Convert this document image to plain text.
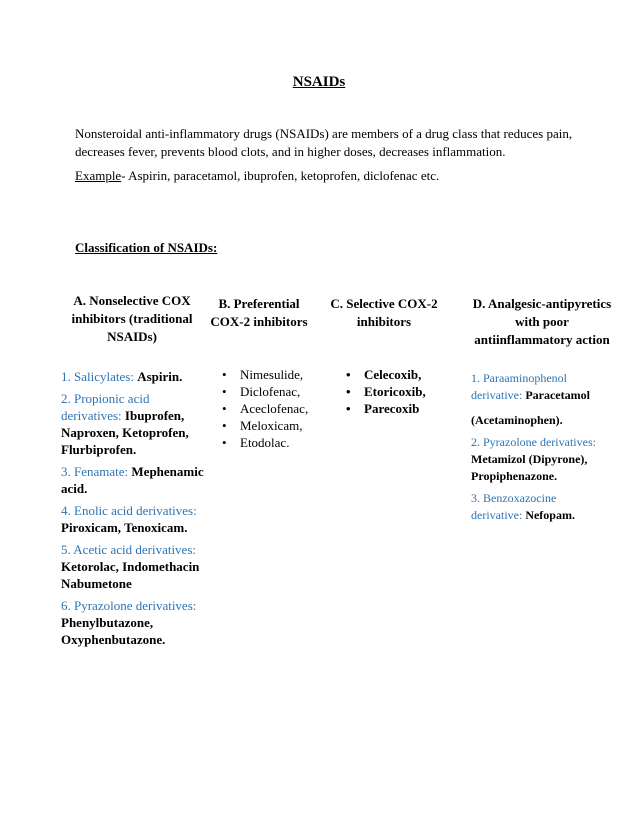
NSAIDs
Nonsteroidal anti-inflammatory drugs (NSAIDs) are members of a drug class that reduces pain, decreases fever, prevents blood clots, and in higher doses, decreases inflammation.
Example- Aspirin, paracetamol, ibuprofen, ketoprofen, diclofenac etc.
Classification of NSAIDs:
A. Nonselective COX
inhibitors (traditional
NSAIDs)
B. Preferential
COX-2 inhibitors
C. Selective COX-2
inhibitors
D. Analgesic-antipyretics
with poor
antiinflammatory action
1. Salicylates: Aspirin.
2. Propionic acid
derivatives: Ibuprofen,
Naproxen, Ketoprofen,
Flurbiprofen.
3. Fenamate: Mephenamic
acid.
4. Enolic acid derivatives:
Piroxicam, Tenoxicam.
5. Acetic acid derivatives:
Ketorolac, Indomethacin
Nabumetone
6. Pyrazolone derivatives:
Phenylbutazone,
Oxyphenbutazone.
• Nimesulide,
• Diclofenac,
• Aceclofenac,
• Meloxicam,
• Etodolac.
• Celecoxib,
• Etoricoxib,
• Parecoxib
1. Paraaminophenol
derivative: Paracetamol
(Acetaminophen).
2. Pyrazolone derivatives:
Metamizol (Dipyrone),
Propiphenazone.
3. Benzoxazocine
derivative: Nefopam.
